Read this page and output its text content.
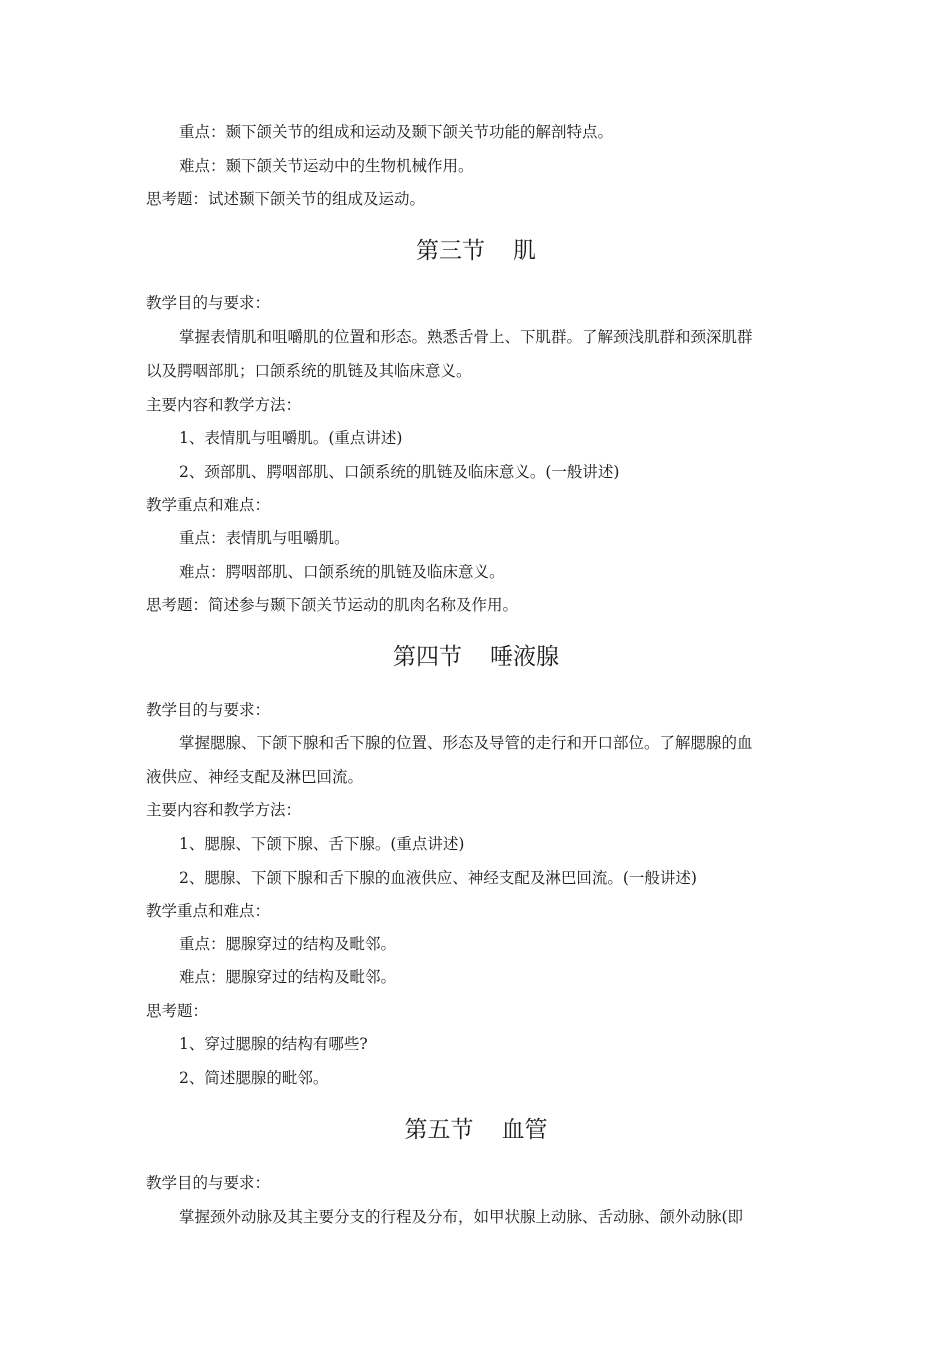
重点：颞下颌关节的组成和运动及颞下颌关节功能的解剖特点。
难点：颞下颌关节运动中的生物机械作用。
思考题：试述颞下颌关节的组成及运动。
第三节 肌
教学目的与要求：
掌握表情肌和咀嚼肌的位置和形态。熟悉舌骨上、下肌群。了解颈浅肌群和颈深肌群
以及腭咽部肌；口颌系统的肌链及其临床意义。
主要内容和教学方法：
1、表情肌与咀嚼肌。(重点讲述)
2、颈部肌、腭咽部肌、口颌系统的肌链及临床意义。(一般讲述)
教学重点和难点：
重点：表情肌与咀嚼肌。
难点：腭咽部肌、口颌系统的肌链及临床意义。
思考题：简述参与颞下颌关节运动的肌肉名称及作用。
第四节 唾液腺
教学目的与要求：
掌握腮腺、下颌下腺和舌下腺的位置、形态及导管的走行和开口部位。了解腮腺的血
液供应、神经支配及淋巴回流。
主要内容和教学方法：
1、腮腺、下颌下腺、舌下腺。(重点讲述)
2、腮腺、下颌下腺和舌下腺的血液供应、神经支配及淋巴回流。(一般讲述)
教学重点和难点：
重点：腮腺穿过的结构及毗邻。
难点：腮腺穿过的结构及毗邻。
思考题：
1、穿过腮腺的结构有哪些?
2、简述腮腺的毗邻。
第五节 血管
教学目的与要求：
掌握颈外动脉及其主要分支的行程及分布，如甲状腺上动脉、舌动脉、颌外动脉(即
